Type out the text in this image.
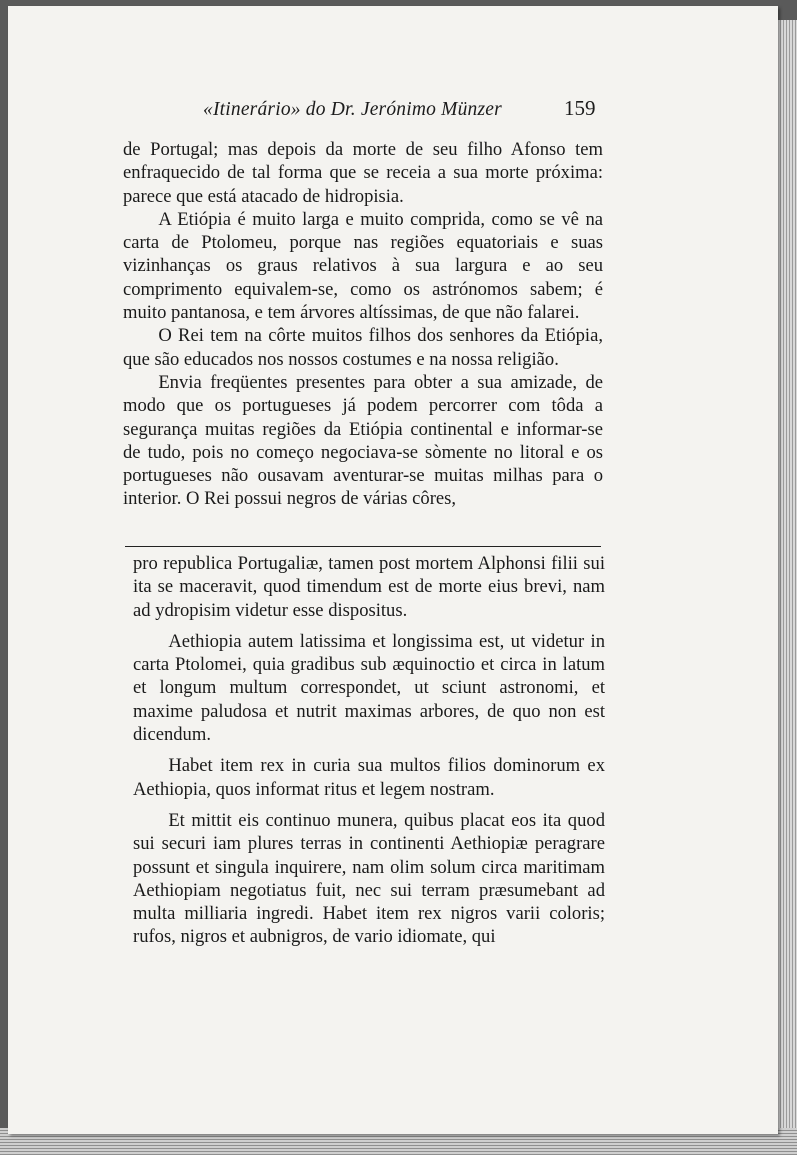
«Itinerário» do Dr. Jerónimo Münzer	159

de Portugal; mas depois da morte de seu filho Afonso tem enfraquecido de tal forma que se receia a sua morte próxima: parece que está atacado de hidropisia.

A Etiópia é muito larga e muito comprida, como se vê na carta de Ptolomeu, porque nas regiões equatoriais e suas vizinhanças os graus relativos à sua largura e ao seu comprimento equivalem-se, como os astrónomos sabem; é muito pantanosa, e tem árvores altíssimas, de que não falarei.

O Rei tem na côrte muitos filhos dos senhores da Etiópia, que são educados nos nossos costumes e na nossa religião.

Envia freqüentes presentes para obter a sua amizade, de modo que os portugueses já podem percorrer com tôda a segurança muitas regiões da Etiópia continental e informar-se de tudo, pois no começo negociava-se sòmente no litoral e os portugueses não ousavam aventurar-se muitas milhas para o interior. O Rei possui negros de várias côres,

pro republica Portugaliæ, tamen post mortem Alphonsi filii sui ita se maceravit, quod timendum est de morte eius brevi, nam ad ydropisim videtur esse dispositus.

Aethiopia autem latissima et longissima est, ut videtur in carta Ptolomei, quia gradibus sub æquinoctio et circa in latum et longum multum correspondet, ut sciunt astronomi, et maxime paludosa et nutrit maximas arbores, de quo non est dicendum.

Habet item rex in curia sua multos filios dominorum ex Aethiopia, quos informat ritus et legem nostram.

Et mittit eis continuo munera, quibus placat eos ita quod sui securi iam plures terras in continenti Aethiopiæ peragrare possunt et singula inquirere, nam olim solum circa maritimam Aethiopiam negotiatus fuit, nec sui terram præsumebant ad multa milliaria ingredi. Habet item rex nigros varii coloris; rufos, nigros et aubnigros, de vario idiomate, qui
